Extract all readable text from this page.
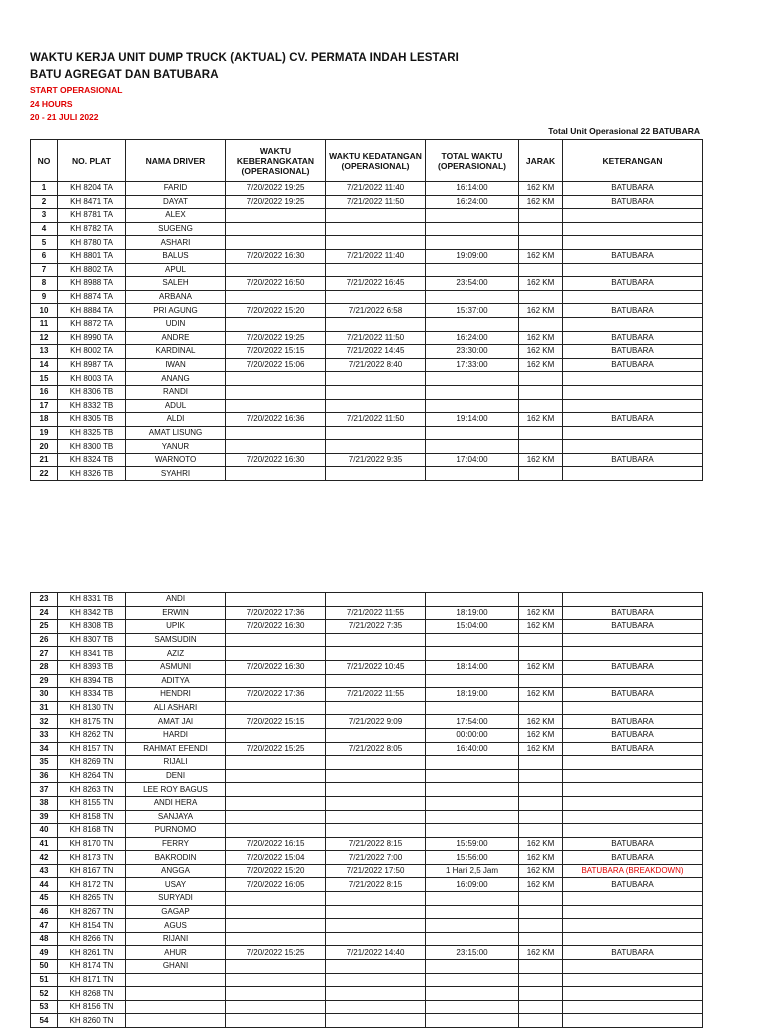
WAKTU KERJA UNIT DUMP TRUCK (AKTUAL) CV. PERMATA INDAH LESTARI
BATU AGREGAT DAN BATUBARA
START OPERASIONAL
24 HOURS
20 - 21 JULI 2022
Total Unit Operasional 22 BATUBARA
NO	NO. PLAT	NAMA DRIVER	WAKTU KEBERANGKATAN (OPERASIONAL)	WAKTU KEDATANGAN (OPERASIONAL)	TOTAL WAKTU (OPERASIONAL)	JARAK	KETERANGAN
1	KH 8204 TA	FARID	7/20/2022 19:25	7/21/2022 11:40	16:14:00	162 KM	BATUBARA
2	KH 8471 TA	DAYAT	7/20/2022 19:25	7/21/2022 11:50	16:24:00	162 KM	BATUBARA
3	KH 8781 TA	ALEX					
4	KH 8782 TA	SUGENG					
5	KH 8780 TA	ASHARI					
6	KH 8801 TA	BALUS	7/20/2022 16:30	7/21/2022 11:40	19:09:00	162 KM	BATUBARA
7	KH 8802 TA	APUL					
8	KH 8988 TA	SALEH	7/20/2022 16:50	7/21/2022 16:45	23:54:00	162 KM	BATUBARA
9	KH 8874 TA	ARBANA					
10	KH 8884 TA	PRI AGUNG	7/20/2022 15:20	7/21/2022 6:58	15:37:00	162 KM	BATUBARA
11	KH 8872 TA	UDIN					
12	KH 8990 TA	ANDRE	7/20/2022 19:25	7/21/2022 11:50	16:24:00	162 KM	BATUBARA
13	KH 8002 TA	KARDINAL	7/20/2022 15:15	7/21/2022 14:45	23:30:00	162 KM	BATUBARA
14	KH 8987 TA	IWAN	7/20/2022 15:06	7/21/2022 8:40	17:33:00	162 KM	BATUBARA
15	KH 8003 TA	ANANG					
16	KH 8306 TB	RANDI					
17	KH 8332 TB	ADUL					
18	KH 8305 TB	ALDI	7/20/2022 16:36	7/21/2022 11:50	19:14:00	162 KM	BATUBARA
19	KH 8325 TB	AMAT LISUNG					
20	KH 8300 TB	YANUR					
21	KH 8324 TB	WARNOTO	7/20/2022 16:30	7/21/2022 9:35	17:04:00	162 KM	BATUBARA
22	KH 8326 TB	SYAHRI					
23	KH 8331 TB	ANDI					
24	KH 8342 TB	ERWIN	7/20/2022 17:36	7/21/2022 11:55	18:19:00	162 KM	BATUBARA
25	KH 8308 TB	UPIK	7/20/2022 16:30	7/21/2022 7:35	15:04:00	162 KM	BATUBARA
26	KH 8307 TB	SAMSUDIN					
27	KH 8341 TB	AZIZ					
28	KH 8393 TB	ASMUNI	7/20/2022 16:30	7/21/2022 10:45	18:14:00	162 KM	BATUBARA
29	KH 8394 TB	ADITYA					
30	KH 8334 TB	HENDRI	7/20/2022 17:36	7/21/2022 11:55	18:19:00	162 KM	BATUBARA
31	KH 8130 TN	ALI ASHARI					
32	KH 8175 TN	AMAT JAI	7/20/2022 15:15	7/21/2022 9:09	17:54:00	162 KM	BATUBARA
33	KH 8262 TN	HARDI			00:00:00	162 KM	BATUBARA
34	KH 8157 TN	RAHMAT EFENDI	7/20/2022 15:25	7/21/2022 8:05	16:40:00	162 KM	BATUBARA
35	KH 8269 TN	RIJALI					
36	KH 8264 TN	DENI					
37	KH 8263 TN	LEE ROY BAGUS					
38	KH 8155 TN	ANDI HERA					
39	KH 8158 TN	SANJAYA					
40	KH 8168 TN	PURNOMO					
41	KH 8170 TN	FERRY	7/20/2022 16:15	7/21/2022 8:15	15:59:00	162 KM	BATUBARA
42	KH 8173 TN	BAKRODIN	7/20/2022 15:04	7/21/2022 7:00	15:56:00	162 KM	BATUBARA
43	KH 8167 TN	ANGGA	7/20/2022 15:20	7/21/2022 17:50	1 Hari 2,5 Jam	162 KM	BATUBARA (BREAKDOWN)
44	KH 8172 TN	USAY	7/20/2022 16:05	7/21/2022 8:15	16:09:00	162 KM	BATUBARA
45	KH 8265 TN	SURYADI					
46	KH 8267 TN	GAGAP					
47	KH 8154 TN	AGUS					
48	KH 8266 TN	RIJANI					
49	KH 8261 TN	AHUR	7/20/2022 15:25	7/21/2022 14:40	23:15:00	162 KM	BATUBARA
50	KH 8174 TN	GHANI					
51	KH 8171 TN						
52	KH 8268 TN						
53	KH 8156 TN						
54	KH 8260 TN						
